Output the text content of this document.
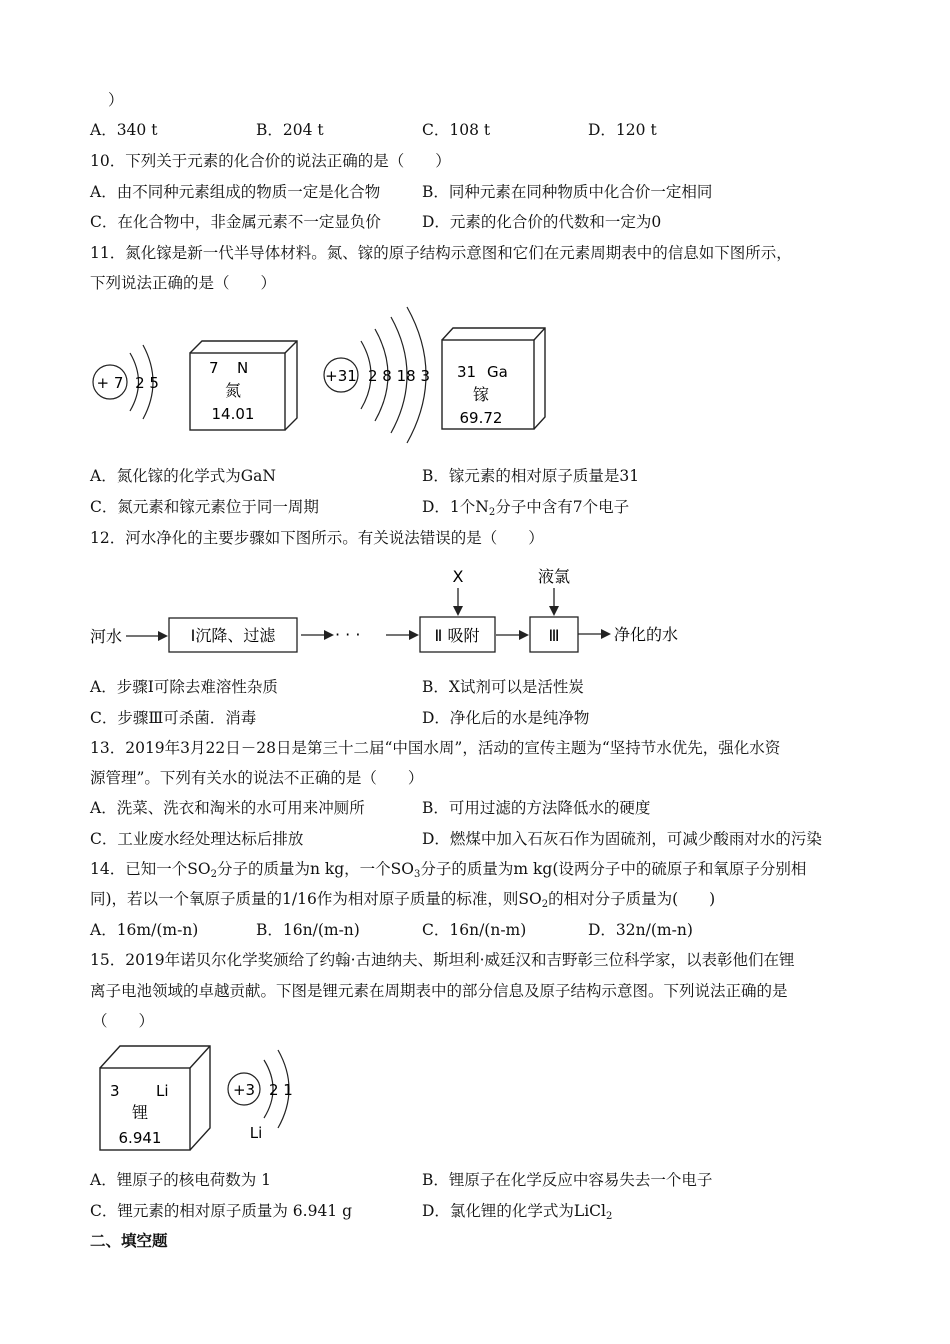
）
A．340 t	B．204 t	C．108 t	D．120 t
10．下列关于元素的化合价的说法正确的是（　　）
A．由不同种元素组成的物质一定是化合物	B．同种元素在同种物质中化合价一定相同
C．在化合物中，非金属元素不一定显负价	D．元素的化合价的代数和一定为0
11．氮化镓是新一代半导体材料。氮、镓的原子结构示意图和它们在元素周期表中的信息如下图所示，
下列说法正确的是（　　）
+ 7 2 5
7 N
氮
14.01
+31 2 8 18 3 31 Ga
镓
69.72
A．氮化镓的化学式为GaN	B．镓元素的相对原子质量是31
C．氮元素和镓元素位于同一周期	D．1个$N_2$分子中含有7个电子
12．河水净化的主要步骤如下图所示。有关说法错误的是（　　）
河水	Ⅰ沉降、过滤	· · ·	Ⅱ 吸附
X
Ⅲ
液氯
净化的水
A．步骤Ⅰ可除去难溶性杂质	B．X试剂可以是活性炭
C．步骤Ⅲ可杀菌．消毒	D．净化后的水是纯净物
13．2019年3月22日－28日是第三十二届“中国水周”，活动的宣传主题为“坚持节水优先，强化水资
源管理”。下列有关水的说法不正确的是（　　）
A．洗菜、洗衣和淘米的水可用来冲厕所	B．可用过滤的方法降低水的硬度
C．工业废水经处理达标后排放	D．燃煤中加入石灰石作为固硫剂，可减少酸雨对水的污染
14．已知一个$SO_2$分子的质量为n kg，一个$SO_3$分子的质量为m kg(设两分子中的硫原子和氧原子分别相
同)，若以一个氧原子质量的1/16作为相对原子质量的标准，则$SO_2$的相对分子质量为(　　)
A．16m/(m-n)	B．16n/(m-n)	C．16n/(n-m)	D．32n/(m-n)
15．2019年诺贝尔化学奖颁给了约翰·古迪纳夫、斯坦利·威廷汉和吉野彰三位科学家，以表彰他们在锂
离子电池领域的卓越贡献。下图是锂元素在周期表中的部分信息及原子结构示意图。下列说法正确的是
（　　）
3 Li
锂
6.941
+3 2 1
Li
A．锂原子的核电荷数为 1	B．锂原子在化学反应中容易失去一个电子
C．锂元素的相对原子质量为 6.941 g	D．氯化锂的化学式为LiCl$_2$
二、填空题
